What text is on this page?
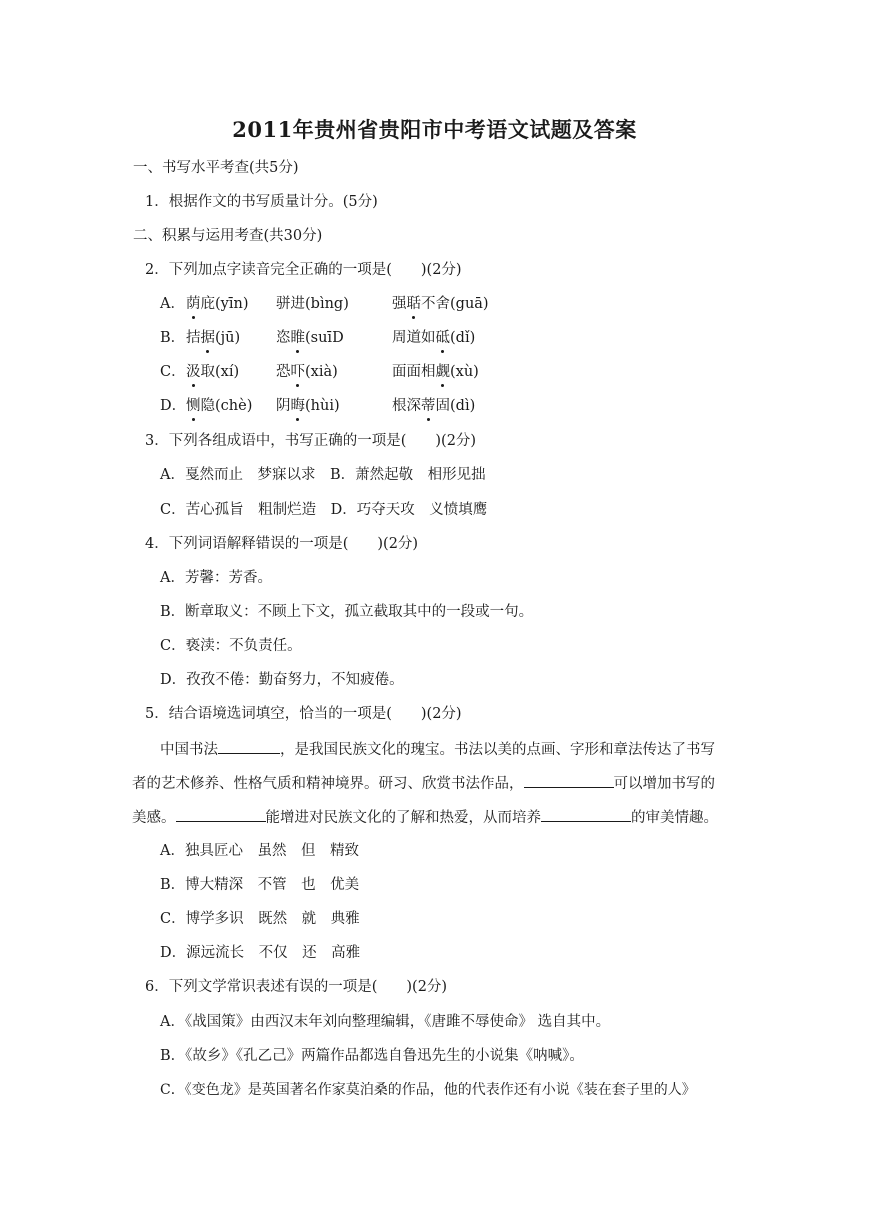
2011年贵州省贵阳市中考语文试题及答案
一、书写水平考查(共5分)
1．根据作文的书写质量计分。(5分)
二、积累与运用考查(共30分)
2．下列加点字读音完全正确的一项是(　　)(2分)
A． 荫庇(yīn) 骈进(bìng)	强聒不舍(guā)
B． 拮据(jū) 恣睢(suīD	周道如砥(dǐ)
C． 汲取(xí)	恐吓(xià)	面面相觑(xù)
D． 恻隐(chè) 阴晦(hùi)	根深蒂固(dì)
3．下列各组成语中，书写正确的一项是(　　)(2分)
A．戛然而止　梦寐以求　B．萧然起敬　相形见拙
C．苦心孤旨　粗制烂造　D．巧夺天攻　义愤填鹰
4．下列词语解释错误的一项是(　　)(2分)
A．芳馨：芳香。
B．断章取义：不顾上下文，孤立截取其中的一段或一句。
C．亵渎：不负责任。
D．孜孜不倦：勤奋努力，不知疲倦。
5．结合语境选词填空，恰当的一项是(　　)(2分)
中国书法	，是我国民族文化的瑰宝。书法以美的点画、字形和章法传达了书写
者的艺术修养、性格气质和精神境界。研习、欣赏书法作品，	可以增加书写的
美感。	能增进对民族文化的了解和热爱，从而培养	的审美情趣。
A．独具匠心　虽然　但　精致
B．博大精深　不管　也　优美
C．博学多识　既然　就　典雅
D．源远流长　不仅　还　高雅
6．下列文学常识表述有误的一项是(　　)(2分)
A．《战国策》由西汉末年刘向整理编辑，《唐雎不辱使命》 选自其中。
B．《故乡》《孔乙己》两篇作品都选自鲁迅先生的小说集《呐喊》。
C．《变色龙》是英国著名作家莫泊桑的作品，他的代表作还有小说《装在套子里的人》
